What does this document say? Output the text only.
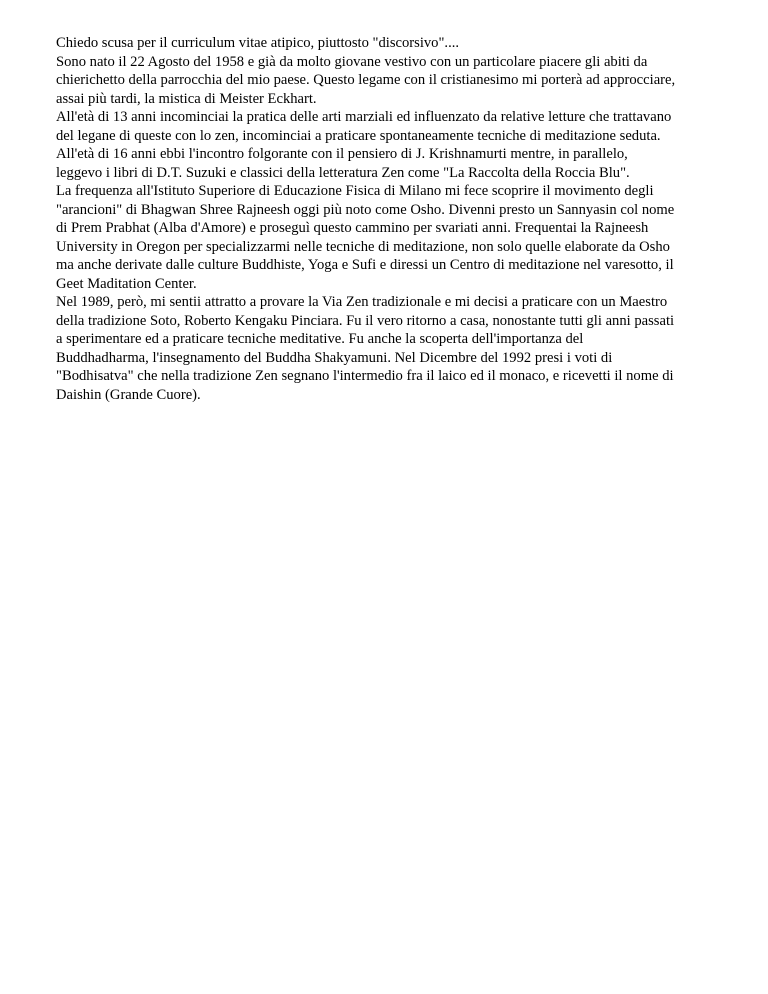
Chiedo scusa per il curriculum vitae atipico, piuttosto "discorsivo"....
Sono nato il 22 Agosto del 1958 e già da molto giovane vestivo con un particolare piacere gli abiti da
chierichetto della parrocchia del mio paese. Questo legame con il cristianesimo mi porterà ad approcciare,
assai più tardi, la mistica di Meister Eckhart.
All'età di 13 anni incominciai la pratica delle arti marziali ed influenzato da relative letture che trattavano
del legane di queste con lo zen, incominciai a praticare spontaneamente tecniche di meditazione seduta.
All'età di 16 anni ebbi l'incontro folgorante con il pensiero di J. Krishnamurti mentre, in parallelo,
leggevo i libri di D.T. Suzuki e classici della letteratura Zen come "La Raccolta della Roccia Blu".
La frequenza all'Istituto Superiore di Educazione Fisica di Milano mi fece scoprire il movimento degli
"arancioni" di Bhagwan Shree Rajneesh oggi più noto come Osho. Divenni presto un Sannyasin col nome
di Prem Prabhat (Alba d'Amore) e proseguì questo cammino per svariati anni. Frequentai la Rajneesh
University in Oregon per specializzarmi nelle tecniche di meditazione, non solo quelle elaborate da Osho
ma anche derivate dalle culture Buddhiste, Yoga e Sufi e diressi un Centro di meditazione nel varesotto, il
Geet Maditation Center.
Nel 1989, però, mi sentii attratto a provare la Via Zen tradizionale e mi decisi a praticare con un Maestro
della tradizione Soto, Roberto Kengaku Pinciara. Fu il vero ritorno a casa, nonostante tutti gli anni passati
a sperimentare ed a praticare tecniche meditative. Fu anche la scoperta dell'importanza del
Buddhadharma, l'insegnamento del Buddha Shakyamuni. Nel Dicembre del 1992 presi i voti di
"Bodhisatva" che nella tradizione Zen segnano l'intermedio fra il laico ed il monaco, e ricevetti il nome di
Daishin (Grande Cuore).
